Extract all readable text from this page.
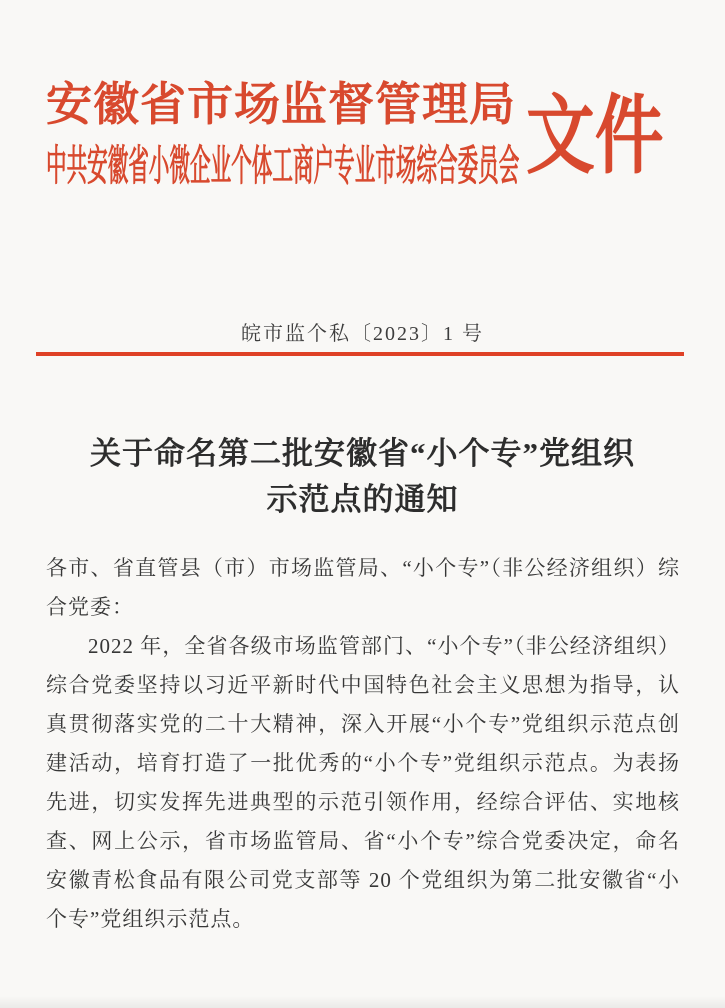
安徽省市场监督管理局
中共安徽省小微企业个体工商户专业市场综合委员会 文件
皖市监个私〔2023〕1 号
关于命名第二批安徽省“小个专”党组织
示范点的通知
各市、省直管县（市）市场监管局、“小个专”（非公经济组织）综合党委：
2022 年，全省各级市场监管部门、“小个专”（非公经济组织）综合党委坚持以习近平新时代中国特色社会主义思想为指导，认真贯彻落实党的二十大精神，深入开展“小个专”党组织示范点创建活动，培育打造了一批优秀的“小个专”党组织示范点。为表扬先进，切实发挥先进典型的示范引领作用，经综合评估、实地核查、网上公示，省市场监管局、省“小个专”综合党委决定，命名安徽青松食品有限公司党支部等 20 个党组织为第二批安徽省“小个专”党组织示范点。
